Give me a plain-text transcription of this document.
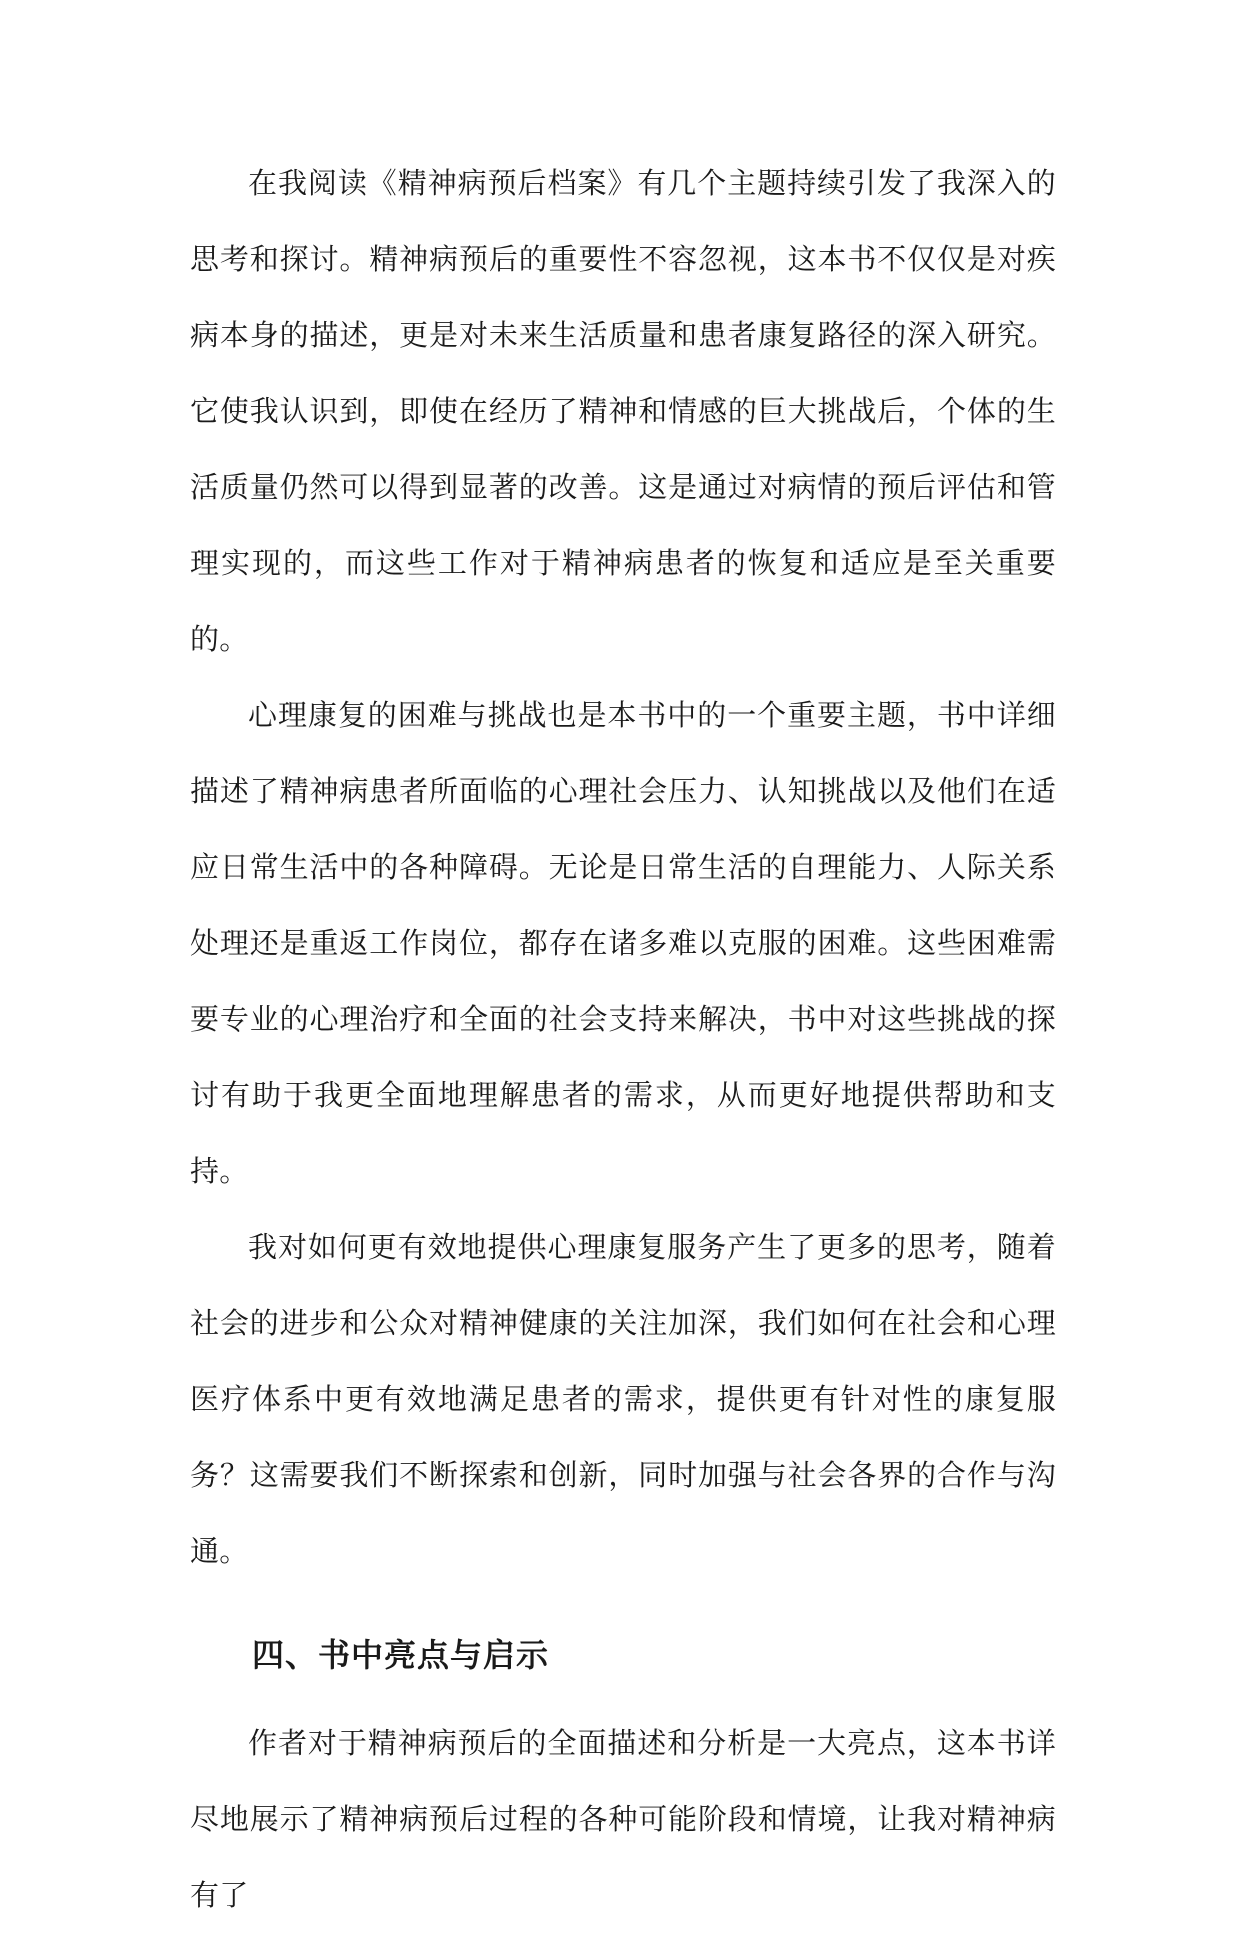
在我阅读《精神病预后档案》有几个主题持续引发了我深入的思考和探讨。精神病预后的重要性不容忽视，这本书不仅仅是对疾病本身的描述，更是对未来生活质量和患者康复路径的深入研究。它使我认识到，即使在经历了精神和情感的巨大挑战后，个体的生活质量仍然可以得到显著的改善。这是通过对病情的预后评估和管理实现的，而这些工作对于精神病患者的恢复和适应是至关重要的。

心理康复的困难与挑战也是本书中的一个重要主题，书中详细描述了精神病患者所面临的心理社会压力、认知挑战以及他们在适应日常生活中的各种障碍。无论是日常生活的自理能力、人际关系处理还是重返工作岗位，都存在诸多难以克服的困难。这些困难需要专业的心理治疗和全面的社会支持来解决，书中对这些挑战的探讨有助于我更全面地理解患者的需求，从而更好地提供帮助和支持。

我对如何更有效地提供心理康复服务产生了更多的思考，随着社会的进步和公众对精神健康的关注加深，我们如何在社会和心理医疗体系中更有效地满足患者的需求，提供更有针对性的康复服务？这需要我们不断探索和创新，同时加强与社会各界的合作与沟通。

四、书中亮点与启示

作者对于精神病预后的全面描述和分析是一大亮点，这本书详尽地展示了精神病预后过程的各种可能阶段和情境，让我对精神病有了
